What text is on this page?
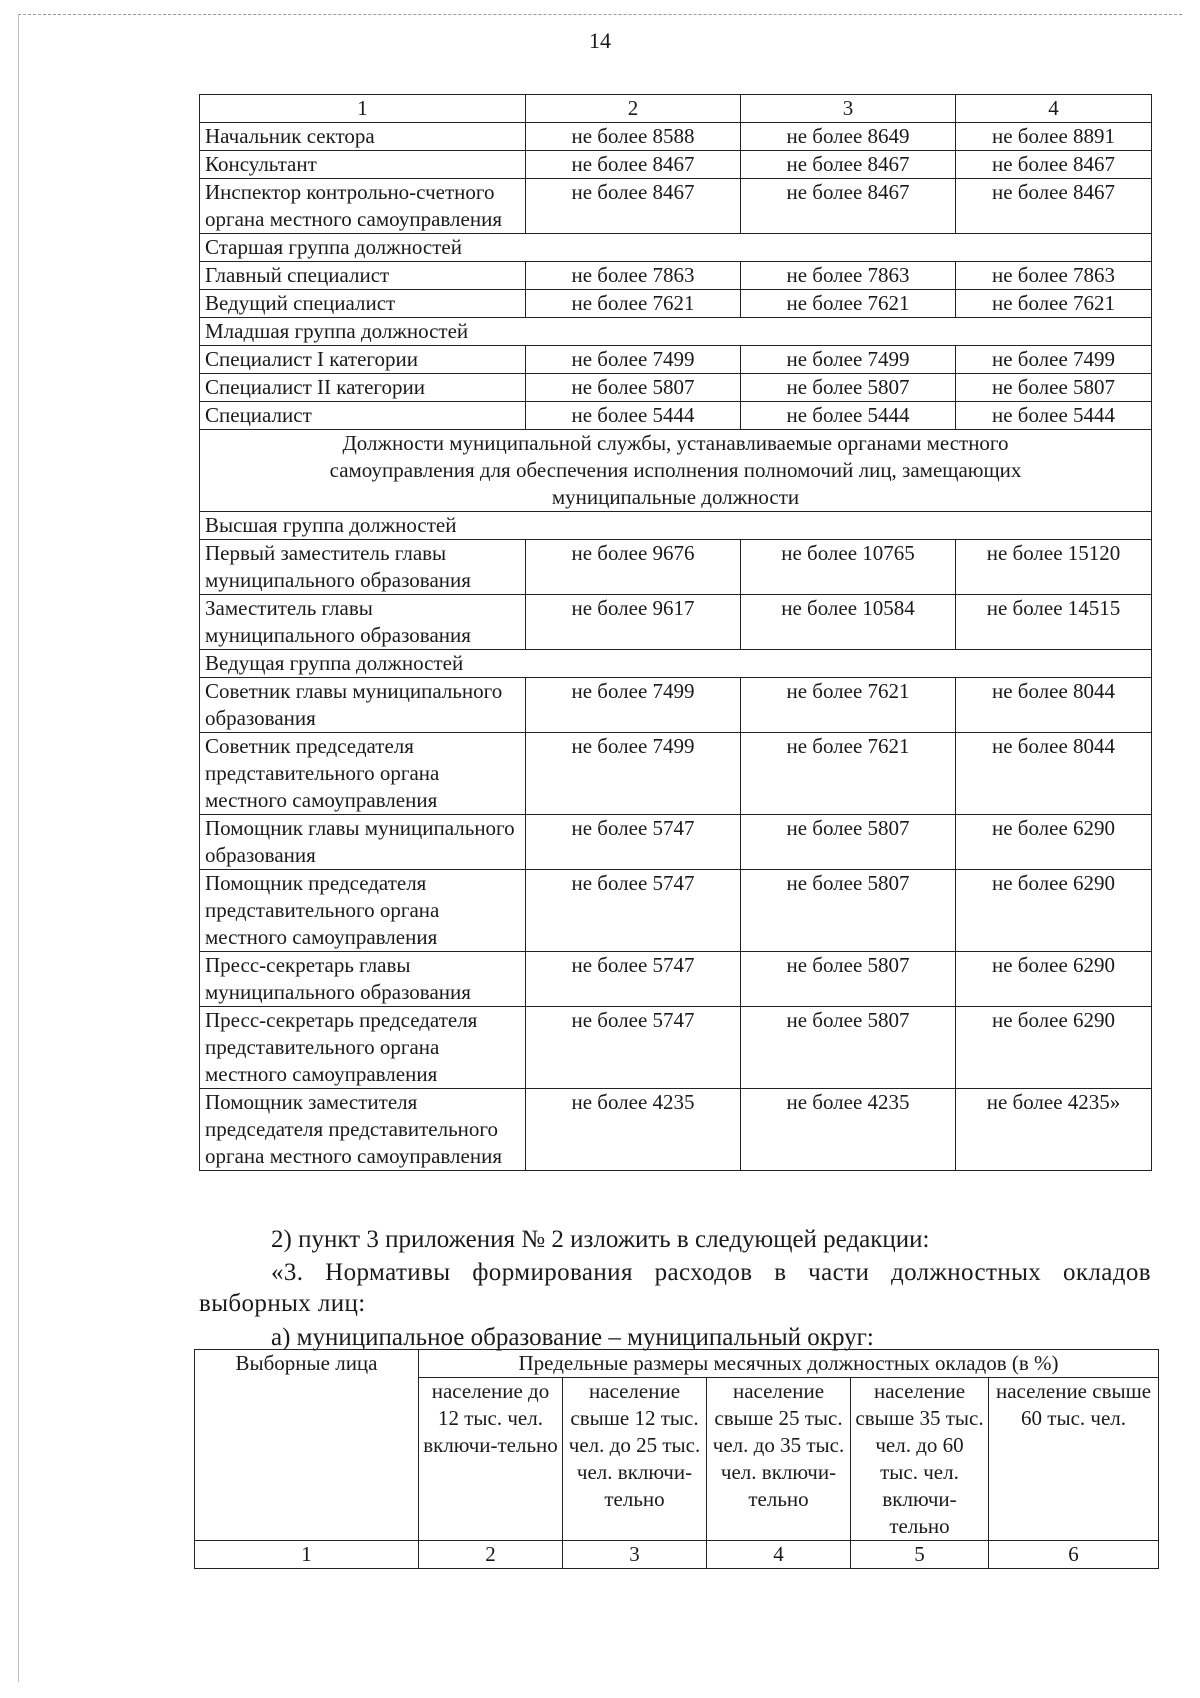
14
1	2	3	4
Начальник сектора	не более 8588	не более 8649	не более 8891
Консультант	не более 8467	не более 8467	не более 8467
Инспектор контрольно-счетного органа местного самоуправления	не более 8467	не более 8467	не более 8467
Старшая группа должностей			
Главный специалист	не более 7863	не более 7863	не более 7863
Ведущий специалист	не более 7621	не более 7621	не более 7621
Младшая группа должностей			
Специалист I категории	не более 7499	не более 7499	не более 7499
Специалист II категории	не более 5807	не более 5807	не более 5807
Специалист	не более 5444	не более 5444	не более 5444
Должности муниципальной службы, устанавливаемые органами местного самоуправления для обеспечения исполнения полномочий лиц, замещающих муниципальные должности			
Высшая группа должностей			
Первый заместитель главы муниципального образования	не более 9676	не более 10765	не более 15120
Заместитель главы муниципального образования	не более 9617	не более 10584	не более 14515
Ведущая группа должностей			
Советник главы муниципального образования	не более 7499	не более 7621	не более 8044
Советник председателя представительного органа местного самоуправления	не более 7499	не более 7621	не более 8044
Помощник главы муниципального образования	не более 5747	не более 5807	не более 6290
Помощник председателя представительного органа местного самоуправления	не более 5747	не более 5807	не более 6290
Пресс-секретарь главы муниципального образования	не более 5747	не более 5807	не более 6290
Пресс-секретарь председателя представительного органа местного самоуправления	не более 5747	не более 5807	не более 6290
Помощник заместителя председателя представительного органа местного самоуправления	не более 4235	не более 4235	не более 4235»
2) пункт 3 приложения № 2 изложить в следующей редакции:
«3. Нормативы формирования расходов в части должностных окладов выборных лиц:
а) муниципальное образование – муниципальный округ:
Выборные лица	Предельные размеры месячных должностных окладов (в %)				
	население до 12 тыс. чел. включи-тельно	население свыше 12 тыс. чел. до 25 тыс. чел. включи-тельно	население свыше 25 тыс. чел. до 35 тыс. чел. включи-тельно	население свыше 35 тыс. чел. до 60 тыс. чел. включи-тельно	население свыше 60 тыс. чел.
1	2	3	4	5	6
